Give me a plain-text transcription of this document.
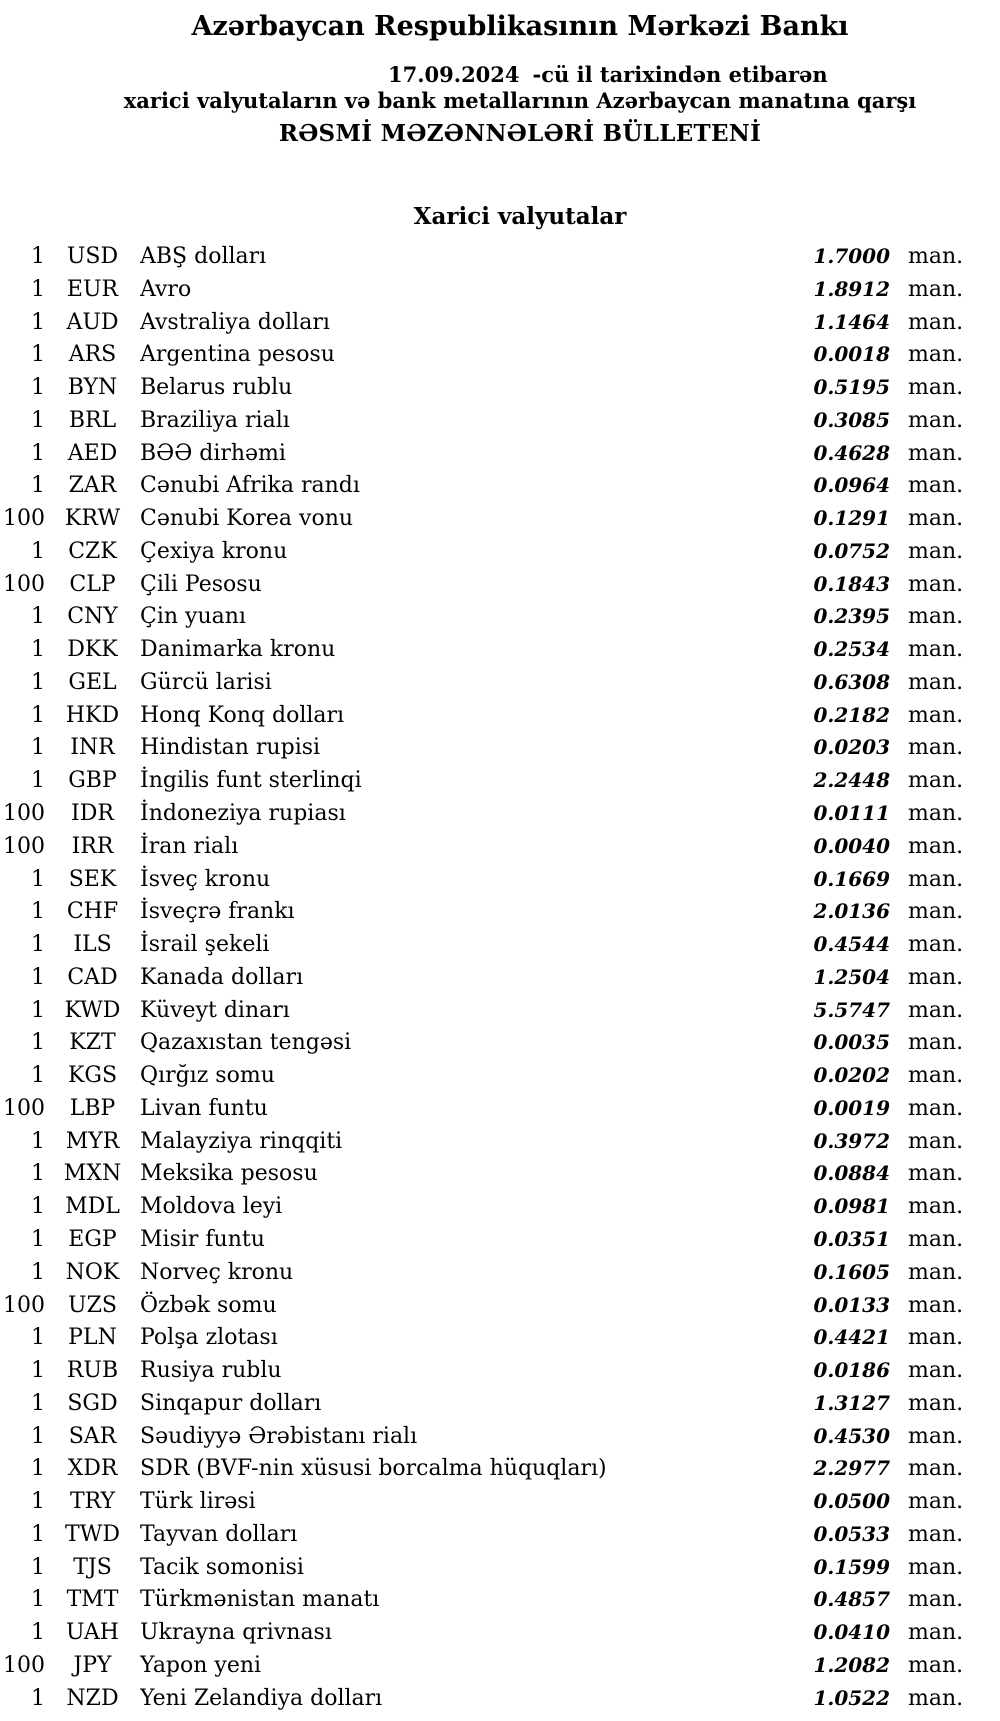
Azərbaycan Respublikasının Mərkəzi Bankı
17.09.2024 -cü il tarixindən etibarən
xarici valyutaların və bank metallarının Azərbaycan manatına qarşı
RƏSMİ MƏZƏNNƏLƏRİ BÜLLETENİ
Xarici valyutalar
1 USD ABŞ dolları	1.7000 man.
1 EUR Avro	1.8912 man.
1 AUD Avstraliya dolları	1.1464 man.
1	ARS	Argentina pesosu	0.0018 man.
1	BYN	Belarus rublu	0.5195 man.
1	BRL	Braziliya rialı	0.3085 man.
1	AED	BƏƏ dirhəmi	0.4628 man.
1	ZAR	Cənubi Afrika randı	0.0964 man.
100 KRW Cənubi Korea vonu	0.1291 man.
1	CZK	Çexiya kronu	0.0752 man.
100	CLP	Çili Pesosu	0.1843 man.
1	CNY	Çin yuanı	0.2395 man.
1	DKK	Danimarka kronu	0.2534 man.
1	GEL	Gürcü larisi	0.6308 man.
1 HKD Honq Konq dolları	0.2182 man.
1	INR	Hindistan rupisi	0.0203 man.
1	GBP	İngilis funt sterlinqi	2.2448 man.
100	IDR	İndoneziya rupiası	0.0111 man.
100	IRR	İran rialı	0.0040 man.
1	SEK	İsveç kronu	0.1669 man.
1 CHF İsveçrə frankı	2.0136 man.
1	ILS	İsrail şekeli	0.4544 man.
1	CAD	Kanada dolları	1.2504 man.
1 KWD Küveyt dinarı	5.5747 man.
1	KZT	Qazaxıstan tengəsi	0.0035 man.
1	KGS	Qırğız somu	0.0202 man.
100	LBP	Livan funtu	0.0019 man.
1 MYR Malayziya rinqqiti	0.3972 man.
1 MXN Meksika pesosu	0.0884 man.
1 MDL Moldova leyi	0.0981 man.
1	EGP	Misir funtu	0.0351 man.
1 NOK Norveç kronu	0.1605 man.
100	UZS	Özbək somu	0.0133 man.
1	PLN	Polşa zlotası	0.4421 man.
1 RUB Rusiya rublu	0.0186 man.
1	SGD	Sinqapur dolları	1.3127 man.
1	SAR	Səudiyyə Ərəbistanı rialı	0.4530 man.
1	XDR	SDR (BVF-nin xüsusi borcalma hüquqları)	2.2977 man.
1	TRY	Türk lirəsi	0.0500 man.
1 TWD Tayvan dolları	0.0533 man.
1	TJS	Tacik somonisi	0.1599 man.
1 TMT Türkmənistan manatı	0.4857 man.
1 UAH Ukrayna qrivnası	0.0410 man.
100	JPY	Yapon yeni	1.2082 man.
1 NZD Yeni Zelandiya dolları	1.0522 man.
